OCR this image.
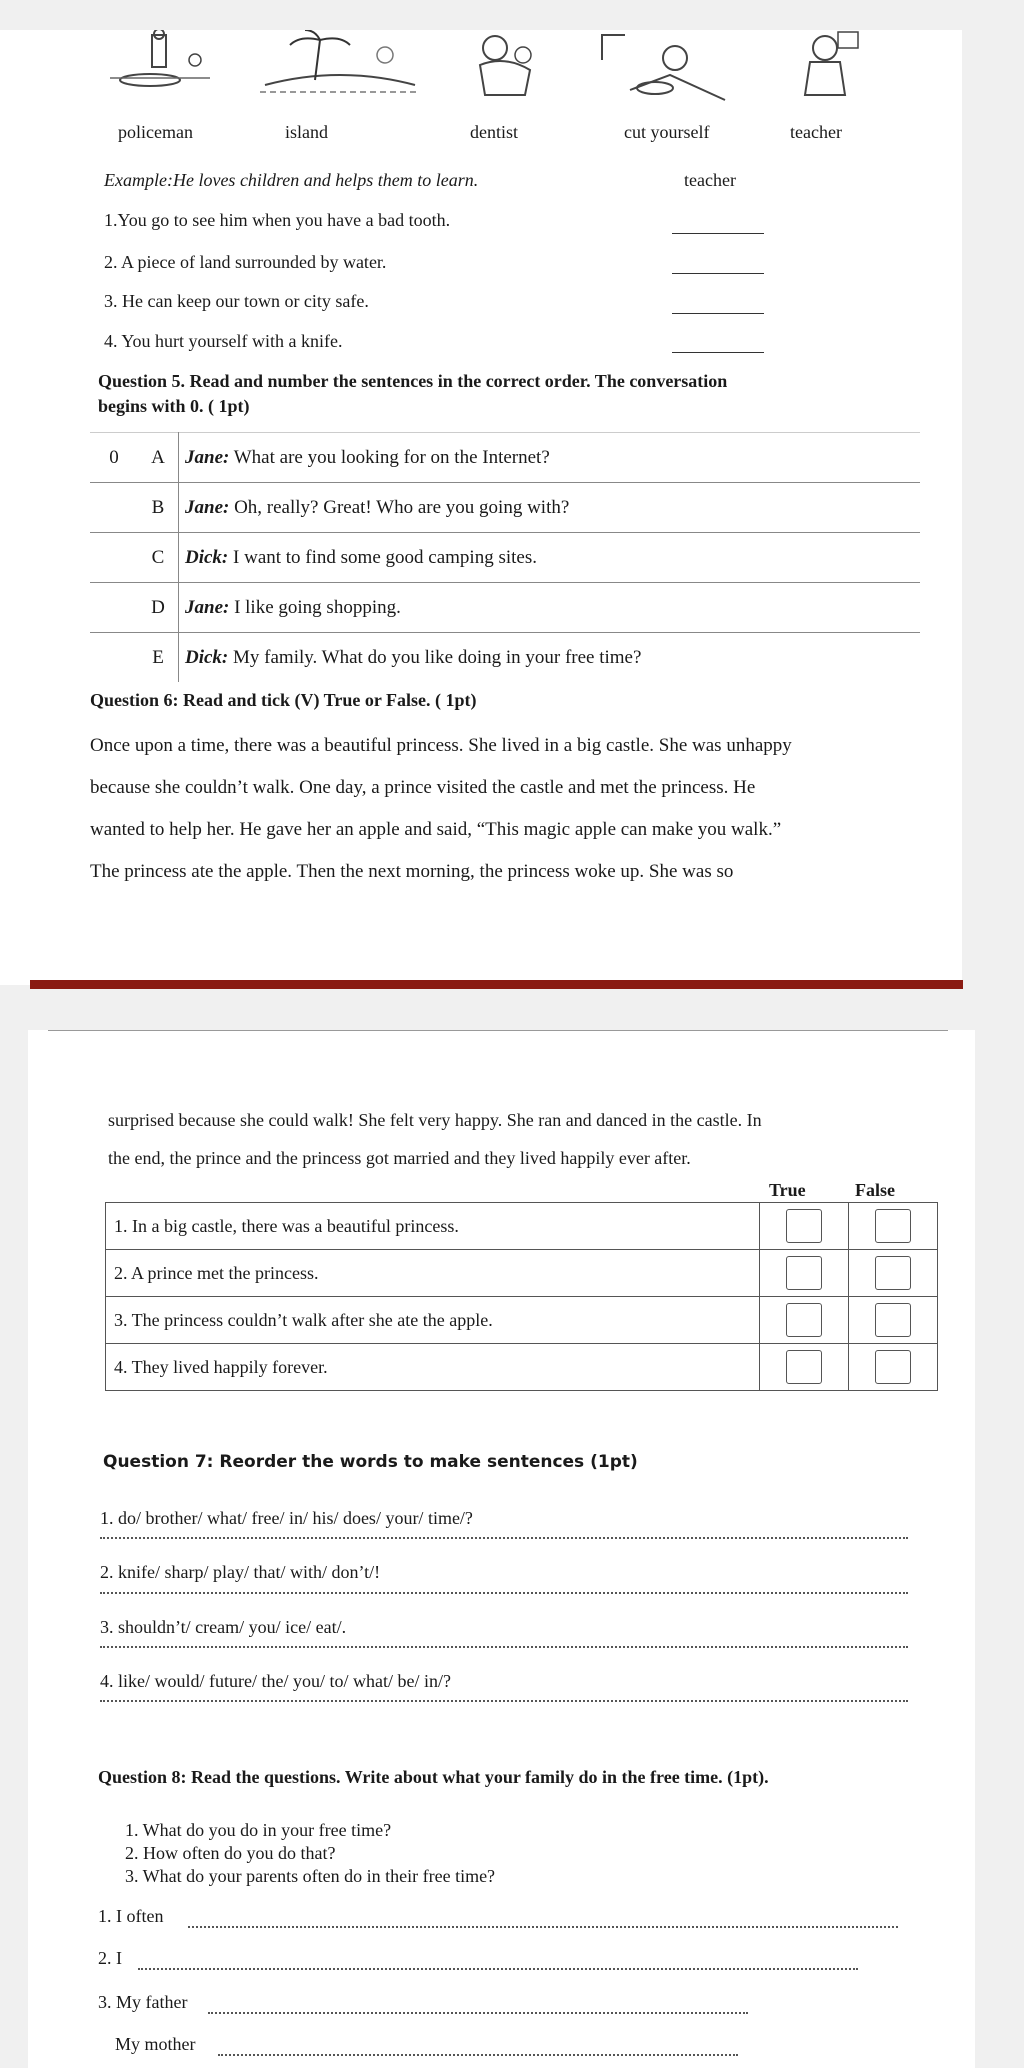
policeman	island	dentist	cut yourself	teacher
Example:He loves children and helps them to learn.	teacher
1.You go to see him when you have a bad tooth.
2. A piece of land surrounded by water.
3. He can keep our town or city safe.
4. You hurt yourself with a knife.
Question 5. Read and number the sentences in the correct order. The conversation
begins with 0. ( 1pt)
0	A	Jane: What are you looking for on the Internet?
	B	Jane: Oh, really? Great! Who are you going with?
	C	Dick: I want to find some good camping sites.
	D	Jane: I like going shopping.
	E	Dick: My family. What do you like doing in your free time?
Question 6: Read and tick (V) True or False. ( 1pt)
Once upon a time, there was a beautiful princess. She lived in a big castle. She was unhappy
because she couldn’t walk. One day, a prince visited the castle and met the princess. He
wanted to help her. He gave her an apple and said, “This magic apple can make you walk.”
The princess ate the apple. Then the next morning, the princess woke up. She was so
surprised because she could walk! She felt very happy. She ran and danced in the castle. In
the end, the prince and the princess got married and they lived happily ever after.
True	False
1. In a big castle, there was a beautiful princess.		
2. A prince met the princess.		
3. The princess couldn’t walk after she ate the apple.		
4. They lived happily forever.		
Question 7: Reorder the words to make sentences (1pt)
1. do/ brother/ what/ free/ in/ his/ does/ your/ time/?
2. knife/ sharp/ play/ that/ with/ don’t/!
3. shouldn’t/ cream/ you/ ice/ eat/.
4. like/ would/ future/ the/ you/ to/ what/ be/ in/?
Question 8: Read the questions. Write about what your family do in the free time. (1pt).
1. What do you do in your free time?
2. How often do you do that?
3. What do your parents often do in their free time?
1. I often
2. I
3. My father
My mother
